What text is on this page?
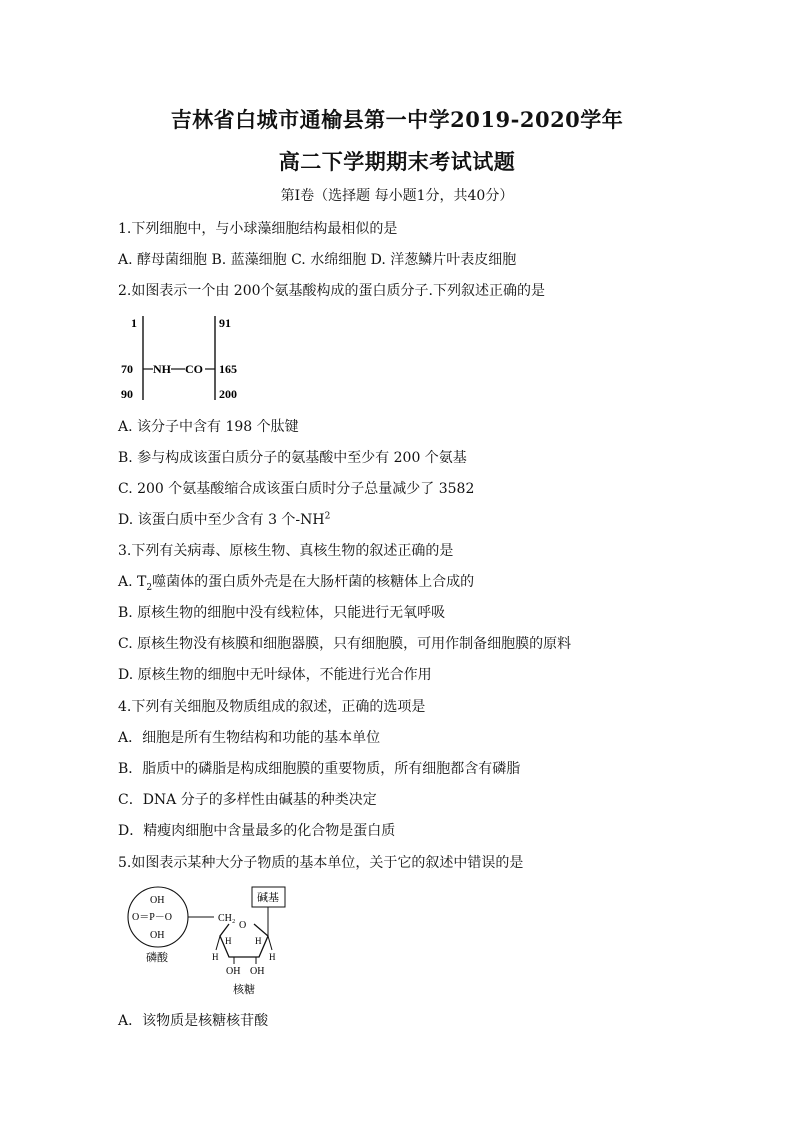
吉林省白城市通榆县第一中学2019-2020学年
高二下学期期末考试试题
第Ⅰ卷（选择题 每小题1分，共40分）
1.下列细胞中，与小球藻细胞结构最相似的是
A. 酵母菌细胞 B. 蓝藻细胞 C. 水绵细胞 D. 洋葱鳞片叶表皮细胞
2.如图表示一个由 200个氨基酸构成的蛋白质分子.下列叙述正确的是
1
70
90
91
165
200
NH CO
A. 该分子中含有 198 个肽键
B. 参与构成该蛋白质分子的氨基酸中至少有 200 个氨基
C. 200 个氨基酸缩合成该蛋白质时分子总量减少了 3582
D. 该蛋白质中至少含有 3 个$-NH^2$
3.下列有关病毒、原核生物、真核生物的叙述正确的是
A. $T_2$噬菌体的蛋白质外壳是在大肠杆菌的核糖体上合成的
B. 原核生物的细胞中没有线粒体，只能进行无氧呼吸
C. 原核生物没有核膜和细胞器膜，只有细胞膜，可用作制备细胞膜的原料
D. 原核生物的细胞中无叶绿体，不能进行光合作用
4.下列有关细胞及物质组成的叙述，正确的选项是
A．细胞是所有生物结构和功能的基本单位
B．脂质中的磷脂是构成细胞膜的重要物质，所有细胞都含有磷脂
C．DNA 分子的多样性由碱基的种类决定
D．精瘦肉细胞中含量最多的化合物是蛋白质
5.如图表示某种大分子物质的基本单位，关于它的叙述中错误的是
OH
O＝P－O
OH
磷酸
CH₂
碱基
O
H	H
H	H
OH OH
核糖
A．该物质是核糖核苷酸
